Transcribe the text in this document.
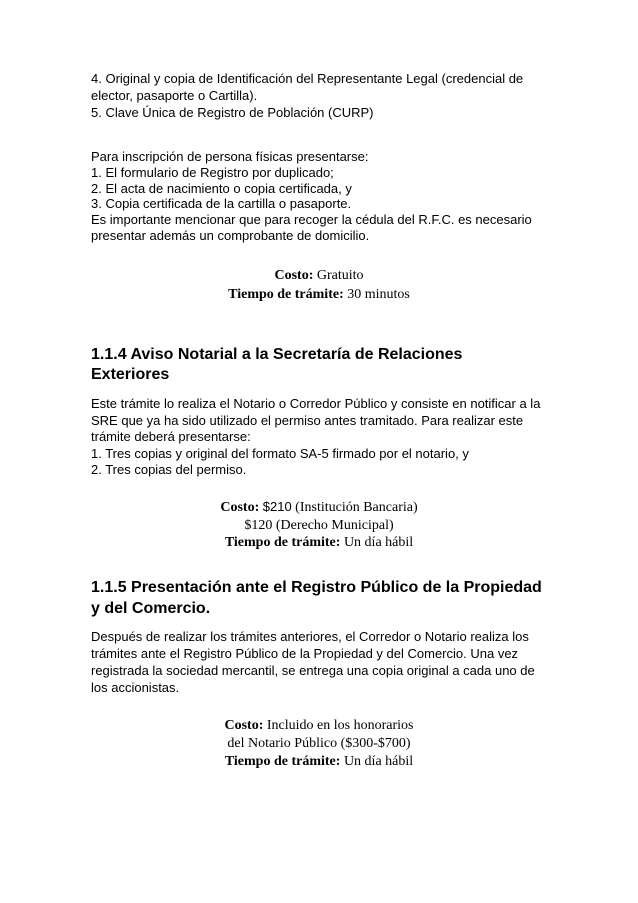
4. Original y copia de Identificación del Representante Legal (credencial de
elector, pasaporte o Cartilla).
5. Clave Única de Registro de Población (CURP)
Para inscripción de persona físicas presentarse:
1. El formulario de Registro por duplicado;
2. El acta de nacimiento o copia certificada, y
3. Copia certificada de la cartilla o pasaporte.
Es importante mencionar que para recoger la cédula del R.F.C. es necesario
presentar además un comprobante de domicilio.
Costo: Gratuito
Tiempo de trámite: 30 minutos
1.1.4 Aviso Notarial a la Secretaría de Relaciones
Exteriores
Este trámite lo realiza el Notario o Corredor Público y consiste en notificar a la
SRE que ya ha sido utilizado el permiso antes tramitado. Para realizar este
trámite deberá presentarse:
1. Tres copias y original del formato SA-5 firmado por el notario, y
2. Tres copias del permiso.
Costo: $210 (Institución Bancaria)
$120 (Derecho Municipal)
Tiempo de trámite: Un día hábil
1.1.5 Presentación ante el Registro Público de la Propiedad
y del Comercio.
Después de realizar los trámites anteriores, el Corredor o Notario realiza los
trámites ante el Registro Público de la Propiedad y del Comercio. Una vez
registrada la sociedad mercantil, se entrega una copia original a cada uno de
los accionistas.
Costo: Incluido en los honorarios
del Notario Público ($300-$700)
Tiempo de trámite: Un día hábil
